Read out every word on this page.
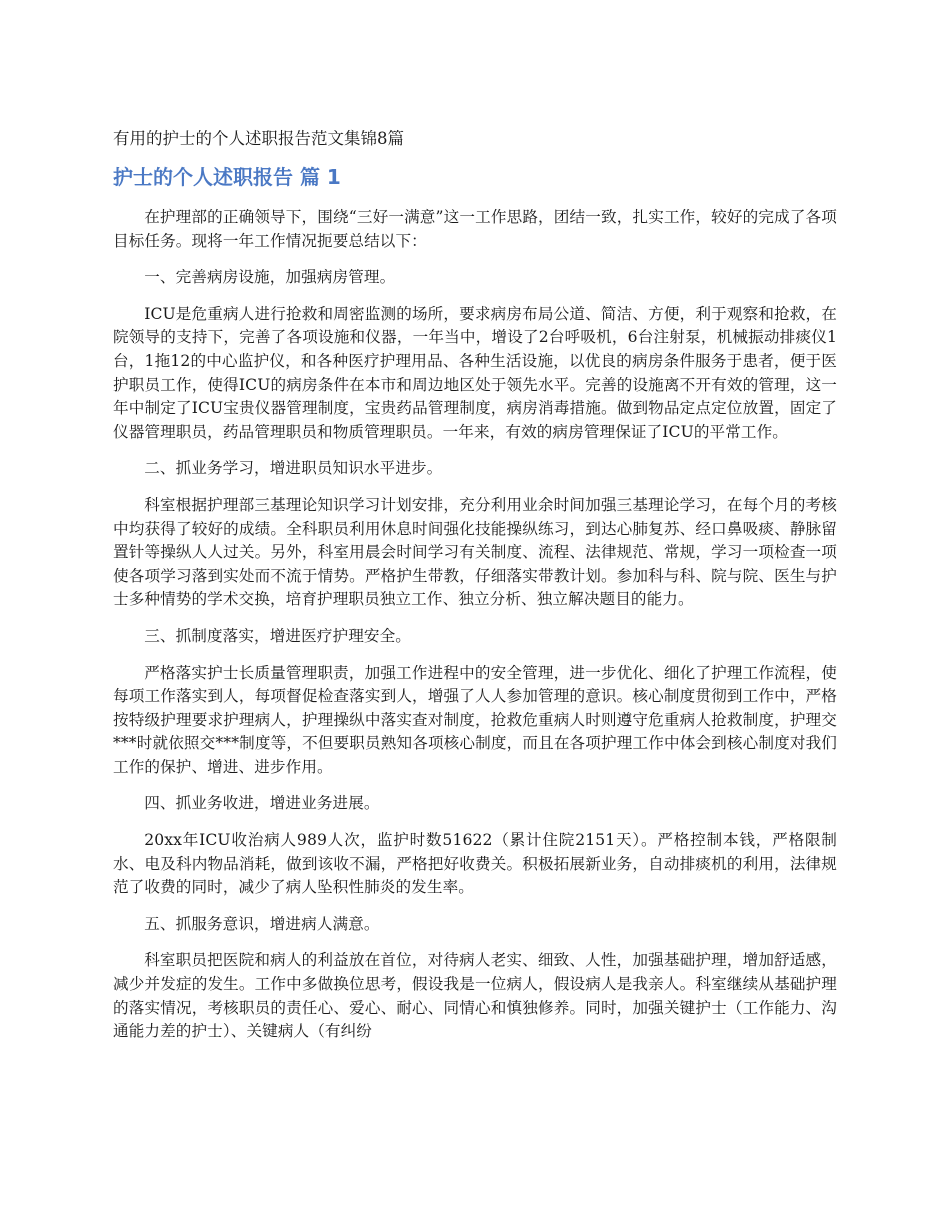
有用的护士的个人述职报告范文集锦8篇
护士的个人述职报告 篇 1

在护理部的正确领导下，围绕“三好一满意”这一工作思路，团结一致，扎实工作，较好的完成了各项目标任务。现将一年工作情况扼要总结以下：

一、完善病房设施，加强病房管理。

ICU是危重病人进行抢救和周密监测的场所，要求病房布局公道、简洁、方便，利于观察和抢救，在院领导的支持下，完善了各项设施和仪器，一年当中，增设了2台呼吸机，6台注射泵，机械振动排痰仪1台，1拖12的中心监护仪，和各种医疗护理用品、各种生活设施，以优良的病房条件服务于患者，便于医护职员工作，使得ICU的病房条件在本市和周边地区处于领先水平。完善的设施离不开有效的管理，这一年中制定了ICU宝贵仪器管理制度，宝贵药品管理制度，病房消毒措施。做到物品定点定位放置，固定了仪器管理职员，药品管理职员和物质管理职员。一年来，有效的病房管理保证了ICU的平常工作。

二、抓业务学习，增进职员知识水平进步。

科室根据护理部三基理论知识学习计划安排，充分利用业余时间加强三基理论学习，在每个月的考核中均获得了较好的成绩。全科职员利用休息时间强化技能操纵练习，到达心肺复苏、经口鼻吸痰、静脉留置针等操纵人人过关。另外，科室用晨会时间学习有关制度、流程、法律规范、常规，学习一项检查一项使各项学习落到实处而不流于情势。严格护生带教，仔细落实带教计划。参加科与科、院与院、医生与护士多种情势的学术交换，培育护理职员独立工作、独立分析、独立解决题目的能力。

三、抓制度落实，增进医疗护理安全。

严格落实护士长质量管理职责，加强工作进程中的安全管理，进一步优化、细化了护理工作流程，使每项工作落实到人，每项督促检查落实到人，增强了人人参加管理的意识。核心制度贯彻到工作中，严格按特级护理要求护理病人，护理操纵中落实查对制度，抢救危重病人时则遵守危重病人抢救制度，护理交***时就依照交***制度等，不但要职员熟知各项核心制度，而且在各项护理工作中体会到核心制度对我们工作的保护、增进、进步作用。

四、抓业务收进，增进业务进展。

20xx年ICU收治病人989人次，监护时数51622（累计住院2151天）。严格控制本钱，严格限制水、电及科内物品消耗，做到该收不漏，严格把好收费关。积极拓展新业务，自动排痰机的利用，法律规范了收费的同时，减少了病人坠积性肺炎的发生率。

五、抓服务意识，增进病人满意。

科室职员把医院和病人的利益放在首位，对待病人老实、细致、人性，加强基础护理，增加舒适感，减少并发症的发生。工作中多做换位思考，假设我是一位病人，假设病人是我亲人。科室继续从基础护理的落实情况，考核职员的责任心、爱心、耐心、同情心和慎独修养。同时，加强关键护士（工作能力、沟通能力差的护士）、关键病人（有纠纷
